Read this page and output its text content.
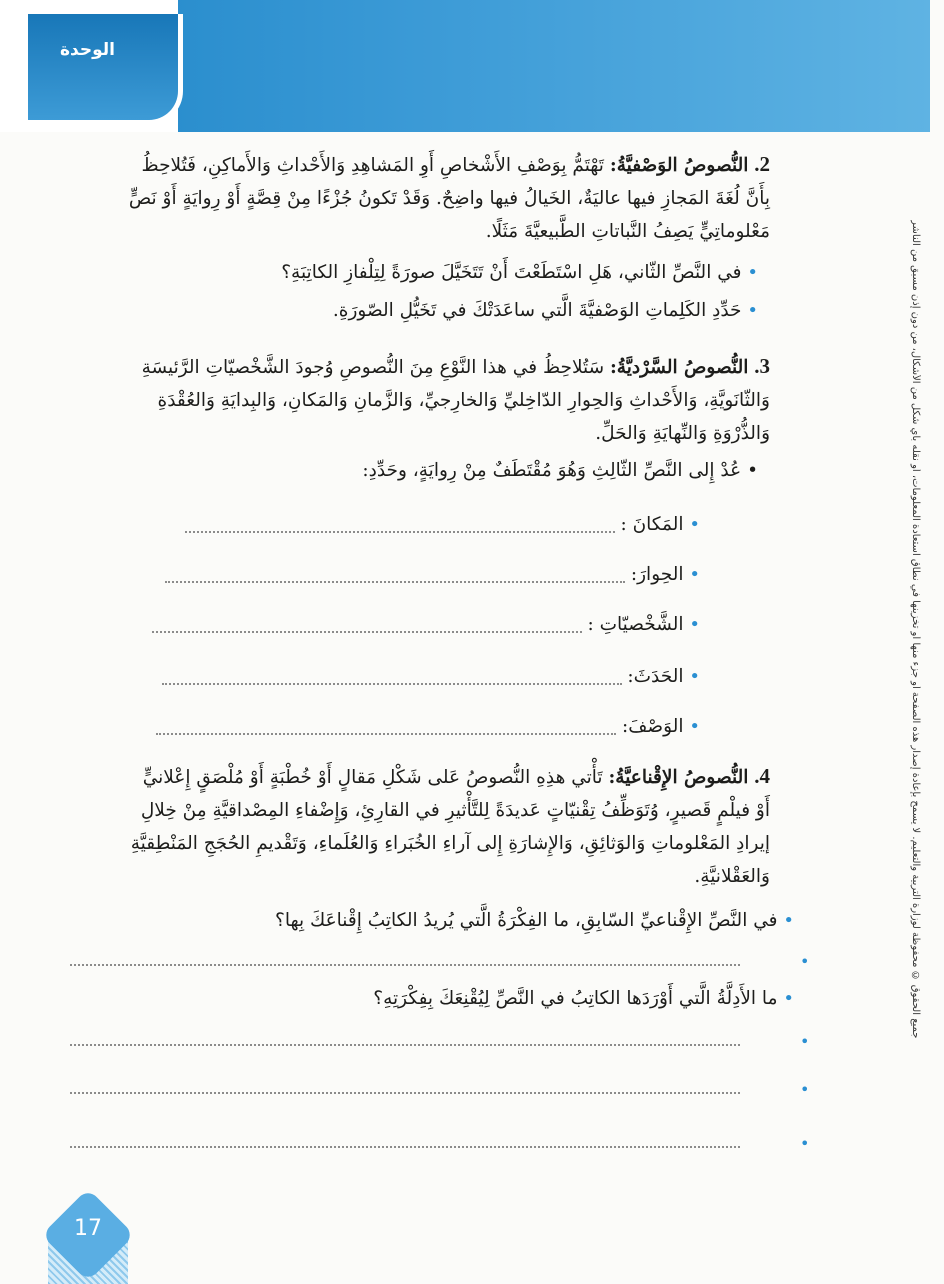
الوحدة
جميع الحقوق © محفوظة لوزارة التربية والتعليم. لا يسمح بإعادة إصدار هذه الصفحة أو جزء منها أو تخزينها في نطاق استعادة المعلومات، أو نقله بأي شكل من الأشكال، من دون إذن مسبق من الناشر

2. النُّصوصُ الوَصْفيَّةُ: تَهْتَمُّ بِوَصْفِ الأَشْخاصِ أَوِ المَشاهِدِ وَالأَحْداثِ وَالأَماكِنِ، فَتُلاحِظُ

بِأَنَّ لُغَةَ المَجازِ فيها عاليَةٌ، الخَيالُ فيها واضِحٌ. وَقَدْ تَكونُ جُزْءًا مِنْ قِصَّةٍ أَوْ رِوايَةٍ أَوْ نَصٍّ

مَعْلوماتِيٍّ يَصِفُ النَّباتاتِ الطَّبيعيَّةَ مَثَلًا.

• في النَّصِّ الثّاني، هَلِ اسْتَطَعْتَ أَنْ تَتَخَيَّلَ صورَةً لِتِلْفازِ الكاتِبَةِ؟
• حَدِّدِ الكَلِماتِ الوَصْفيَّةَ الَّتي ساعَدَتْكَ في تَخَيُّلِ الصّورَةِ.

3. النُّصوصُ السَّرْديَّةُ: سَتُلاحِظُ في هذا النَّوْعِ مِنَ النُّصوصِ وُجودَ الشَّخْصيّاتِ الرَّئيسَةِ

وَالثّانَويَّةِ، وَالأَحْداثِ وَالحِوارِ الدّاخِليِّ وَالخارِجيِّ، وَالزَّمانِ وَالمَكانِ، وَالبِدايَةِ وَالعُقْدَةِ

وَالذُّرْوَةِ وَالنِّهايَةِ وَالحَلِّ.

• عُدْ إِلى النَّصِّ الثّالِثِ وَهُوَ مُقْتَطَفٌ مِنْ رِوايَةٍ، وحَدِّدِ:
• المَكانَ :
• الحِوارَ:
• الشَّخْصيّاتِ :
• الحَدَثَ:
• الوَصْفَ:

4. النُّصوصُ الإِقْناعيَّةُ: تَأْتي هذِهِ النُّصوصُ عَلى شَكْلِ مَقالٍ أَوْ خُطْبَةٍ أَوْ مُلْصَقٍ إِعْلانيٍّ

أَوْ فيلْمٍ قَصيرٍ، وُتَوَظِّفُ تِقْنيّاتٍ عَديدَةً لِلتَّأْثيرِ في القارِئِ، وَإِضْفاءِ المِصْداقيَّةِ مِنْ خِلالِ

إيرادِ المَعْلوماتِ وَالوَثائِقِ، وَالإِشارَةِ إِلى آراءِ الخُبَراءِ وَالعُلَماءِ، وَتَقْديمِ الحُجَجِ المَنْطِقيَّةِ

وَالعَقْلانيَّةِ.

• في النَّصِّ الإِقْناعيِّ السّابِقِ، ما الفِكْرَةُ الَّتي يُريدُ الكاتِبُ إِقْناعَكَ بِها؟
• ما الأَدِلَّةُ الَّتي أَوْرَدَها الكاتِبُ في النَّصِّ لِيُقْنِعَكَ بِفِكْرَتِهِ؟
•
•
•
•
17
